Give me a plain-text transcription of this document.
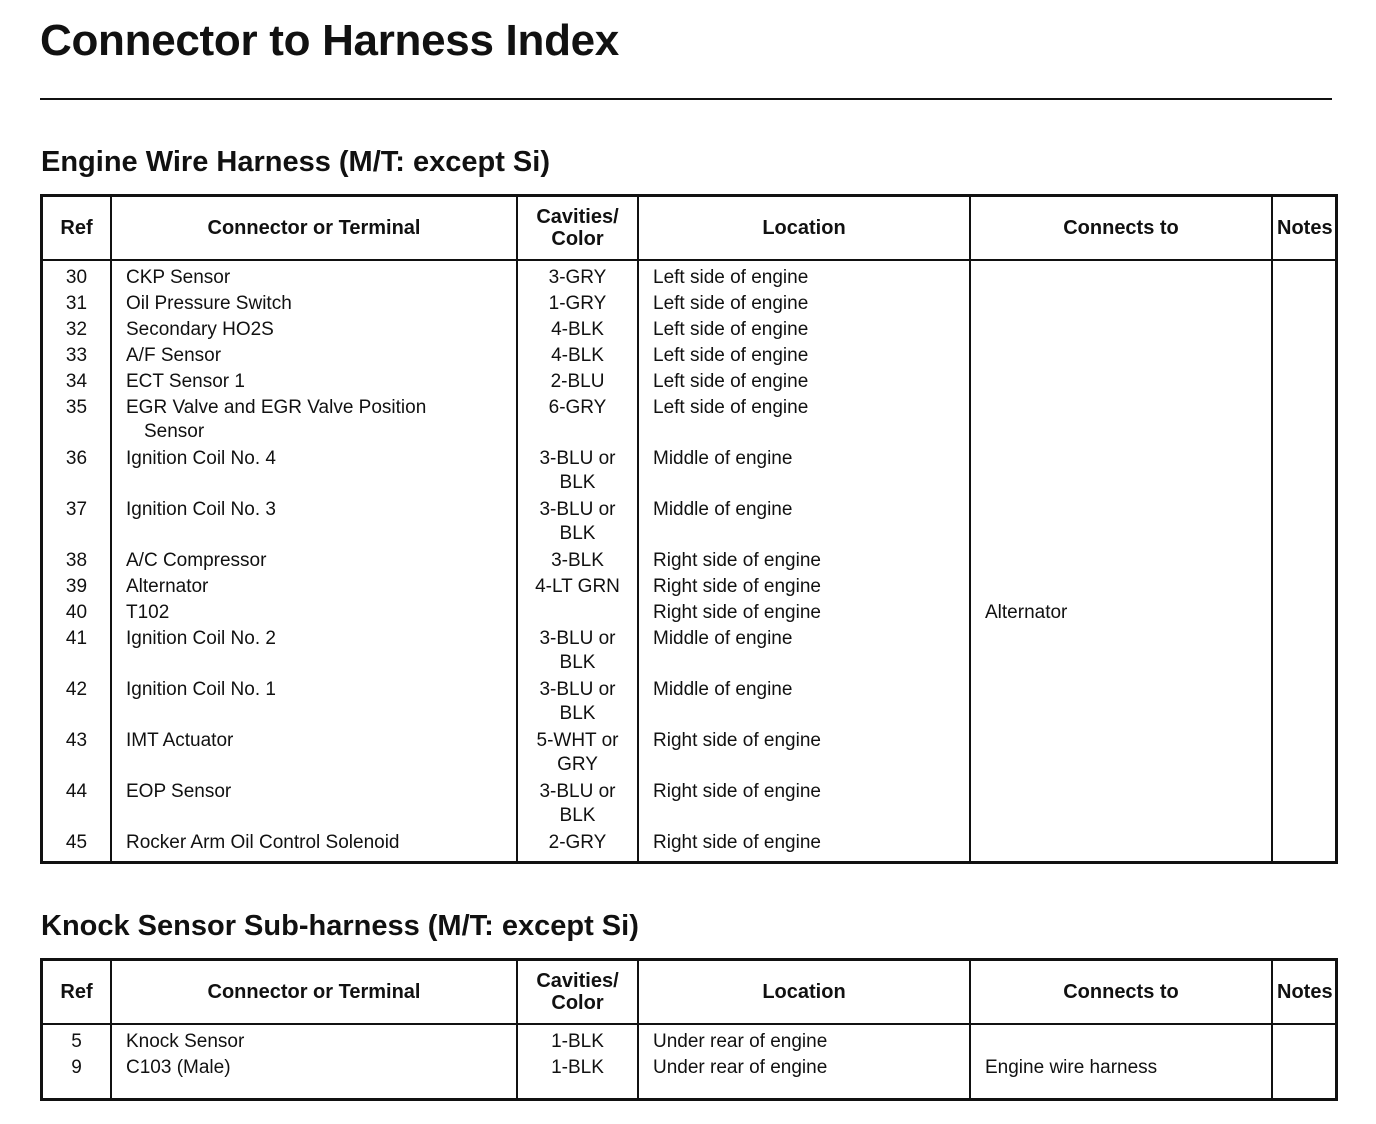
Connector to Harness Index
Engine Wire Harness (M/T: except Si)
Ref	Connector or Terminal	Cavities/
Color	Location	Connects to	Notes
30	CKP Sensor	3-GRY	Left side of engine		
31	Oil Pressure Switch	1-GRY	Left side of engine		
32	Secondary HO2S	4-BLK	Left side of engine		
33	A/F Sensor	4-BLK	Left side of engine		
34	ECT Sensor 1	2-BLU	Left side of engine		
35	EGR Valve and EGR Valve Position
Sensor	6-GRY	Left side of engine		
36	Ignition Coil No. 4	3-BLU or
BLK	Middle of engine		
37	Ignition Coil No. 3	3-BLU or
BLK	Middle of engine		
38	A/C Compressor	3-BLK	Right side of engine		
39	Alternator	4-LT GRN	Right side of engine		
40	T102		Right side of engine	Alternator	
41	Ignition Coil No. 2	3-BLU or
BLK	Middle of engine		
42	Ignition Coil No. 1	3-BLU or
BLK	Middle of engine		
43	IMT Actuator	5-WHT or
GRY	Right side of engine		
44	EOP Sensor	3-BLU or
BLK	Right side of engine		
45	Rocker Arm Oil Control Solenoid	2-GRY	Right side of engine		

Knock Sensor Sub-harness (M/T: except Si)
Ref	Connector or Terminal	Cavities/
Color	Location	Connects to	Notes
5	Knock Sensor	1-BLK	Under rear of engine		
9	C103 (Male)	1-BLK	Under rear of engine	Engine wire harness	
